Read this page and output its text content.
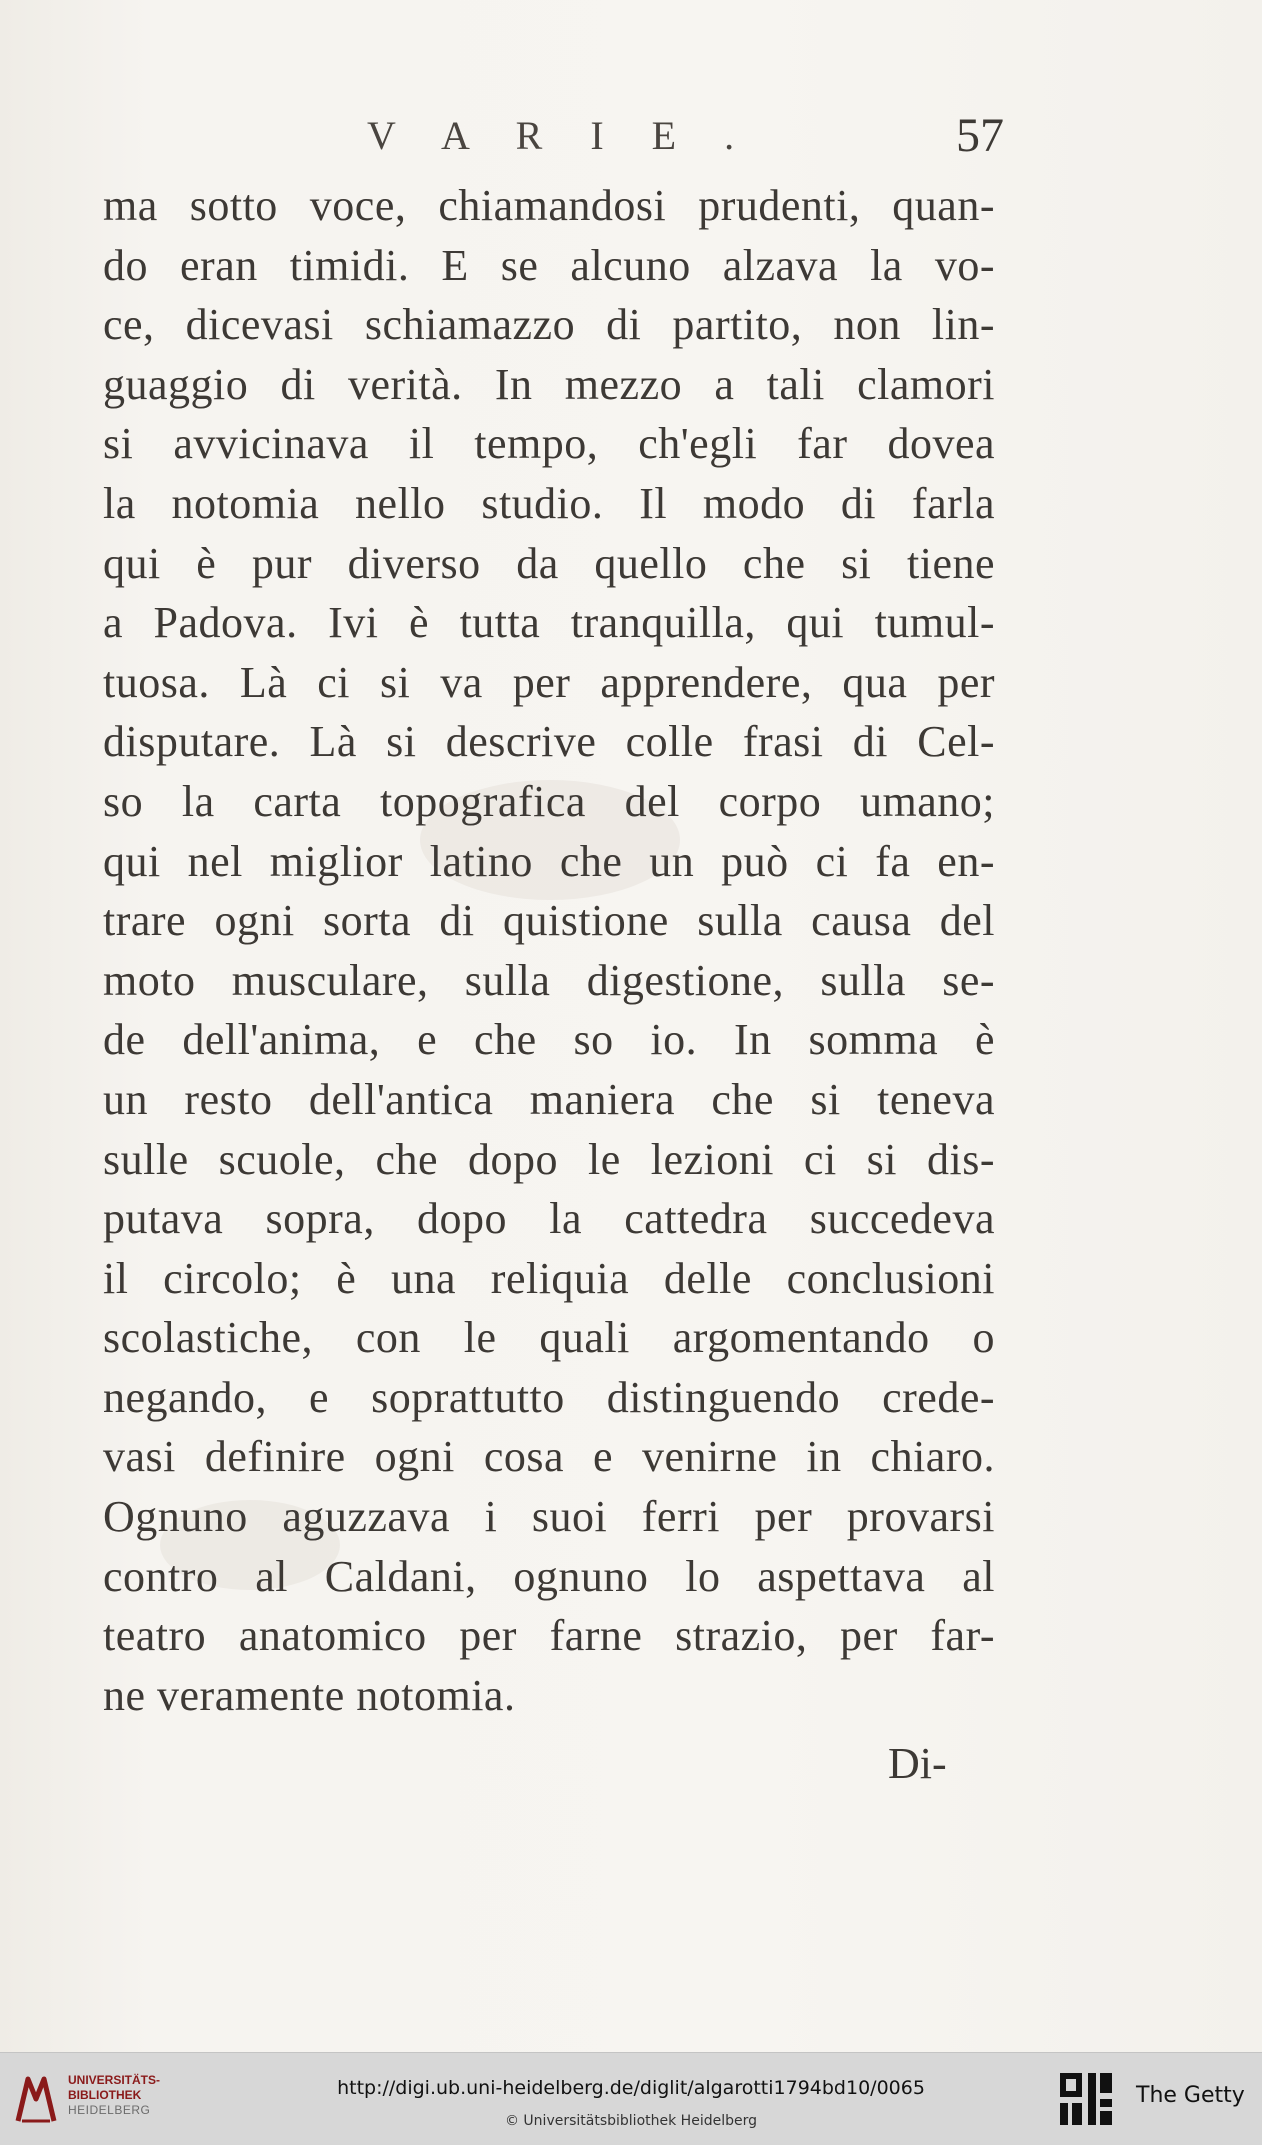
V A R I E .	57
ma sotto voce, chiamandosi prudenti, quan-
do eran timidi. E se alcuno alzava la vo-
ce, dicevasi schiamazzo di partito, non lin-
guaggio di verità. In mezzo a tali clamori
si avvicinava il tempo, ch'egli far dovea
la notomia nello studio. Il modo di farla
qui è pur diverso da quello che si tiene
a Padova. Ivi è tutta tranquilla, qui tumul-
tuosa. Là ci si va per apprendere, qua per
disputare. Là si descrive colle frasi di Cel-
so la carta topografica del corpo umano;
qui nel miglior latino che un può ci fa en-
trare ogni sorta di quistione sulla causa del
moto musculare, sulla digestione, sulla se-
de dell'anima, e che so io. In somma è
un resto dell'antica maniera che si teneva
sulle scuole, che dopo le lezioni ci si dis-
putava sopra, dopo la cattedra succedeva
il circolo; è una reliquia delle conclusioni
scolastiche, con le quali argomentando o
negando, e soprattutto distinguendo crede-
vasi definire ogni cosa e venirne in chiaro.
Ognuno aguzzava i suoi ferri per provarsi
contro al Caldani, ognuno lo aspettava al
teatro anatomico per farne strazio, per far-
ne veramente notomia.
Di-
UNIVERSITÄTS-
BIBLIOTHEK
HEIDELBERG
http://digi.ub.uni-heidelberg.de/diglit/algarotti1794bd10/0065
© Universitätsbibliothek Heidelberg
The Getty
